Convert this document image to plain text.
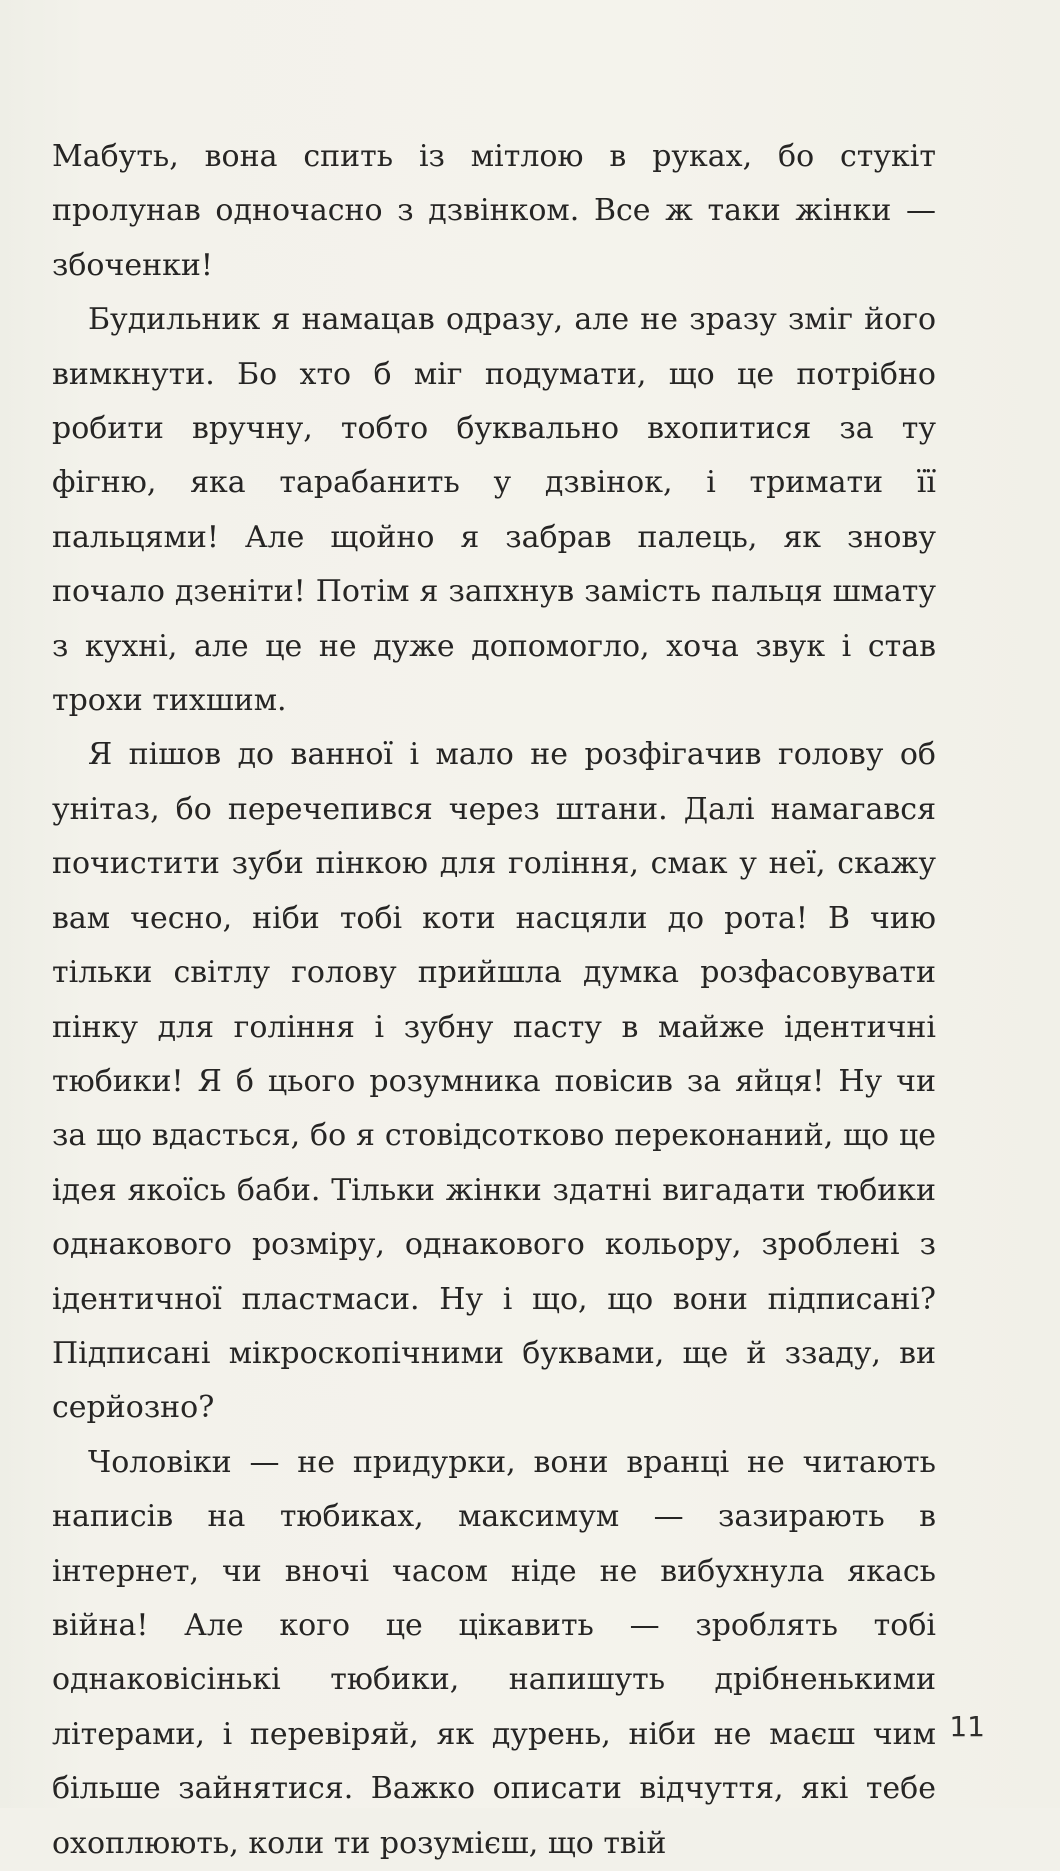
Мабуть, вона спить із мітлою в руках, бо стукіт пролунав одночасно з дзвінком. Все ж таки жінки — збоченки!

Будильник я намацав одразу, але не зразу зміг його вимкнути. Бо хто б міг подумати, що це потрібно робити вручну, тобто буквально вхопитися за ту фігню, яка тарабанить у дзвінок, і тримати її пальцями! Але щойно я забрав палець, як знову почало дзеніти! Потім я запхнув замість пальця шмату з кухні, але це не дуже допомогло, хоча звук і став трохи тихшим.

Я пішов до ванної і мало не розфігачив голову об унітаз, бо перечепився через штани. Далі намагався почистити зуби пінкою для гоління, смак у неї, скажу вам чесно, ніби тобі коти насцяли до рота! В чию тільки світлу голову прийшла думка розфасовувати пінку для гоління і зубну пасту в майже ідентичні тюбики! Я б цього розумника повісив за яйця! Ну чи за що вдасться, бо я стовідсотково переконаний, що це ідея якоїсь баби. Тільки жінки здатні вигадати тюбики однакового розміру, однакового кольору, зроблені з ідентичної пластмаси. Ну і що, що вони підписані? Підписані мікроскопічними буквами, ще й ззаду, ви серйозно?

Чоловіки — не придурки, вони вранці не читають написів на тюбиках, максимум — зазирають в інтернет, чи вночі часом ніде не вибухнула якась війна! Але кого це цікавить — зроблять тобі однаковісінькі тюбики, напишуть дрібненькими літерами, і перевіряй, як дурень, ніби не маєш чим більше зайнятися. Важко описати відчуття, які тебе охоплюють, коли ти розумієш, що твій

11
